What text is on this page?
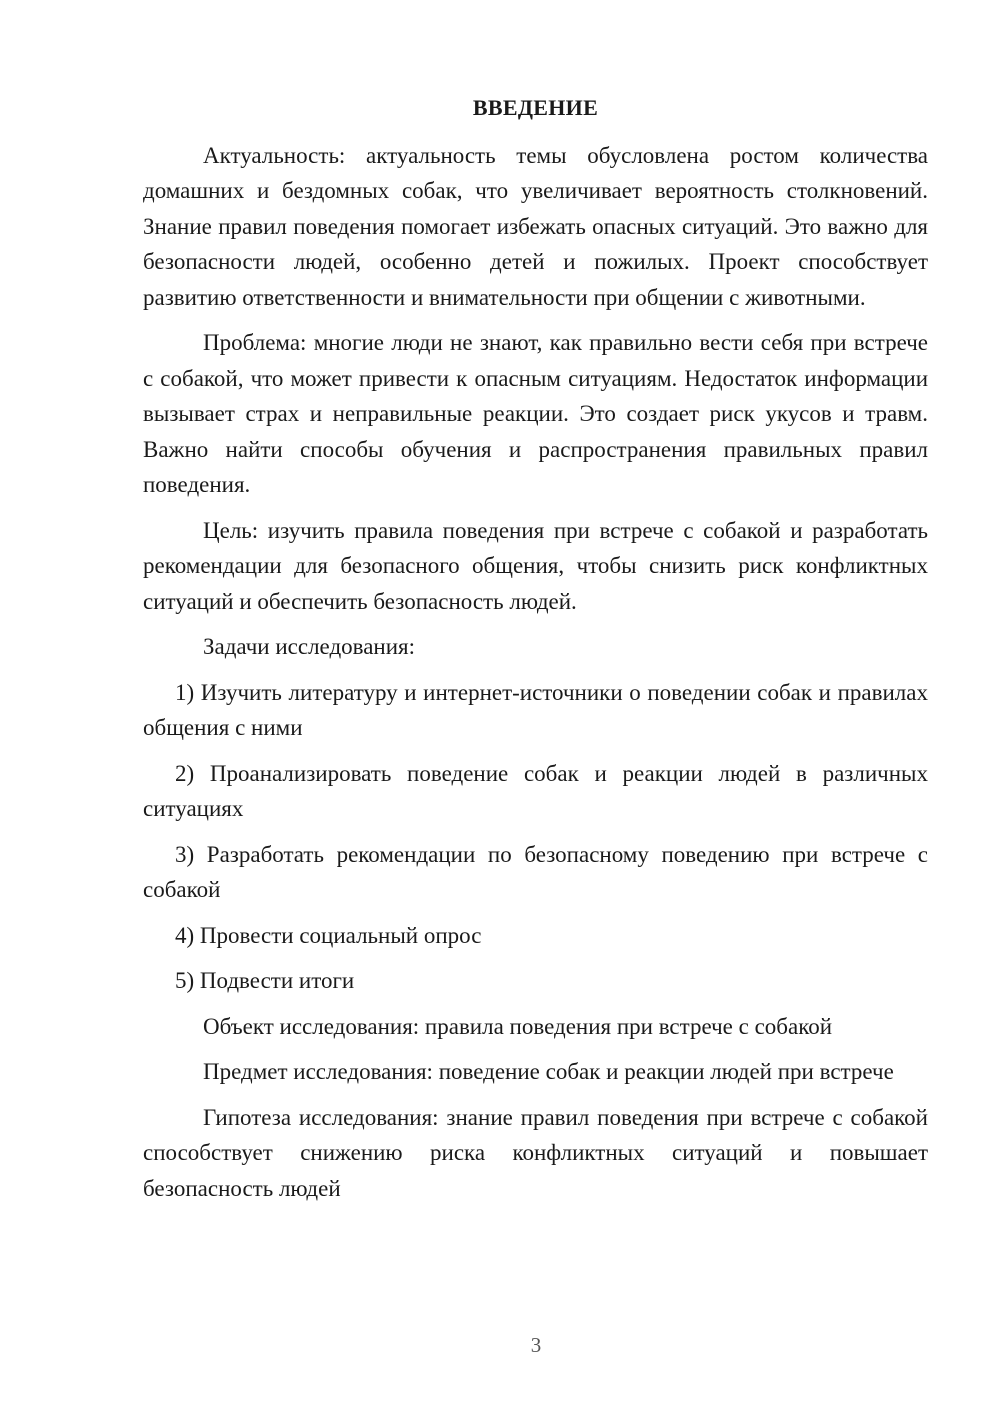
ВВЕДЕНИЕ

Актуальность: актуальность темы обусловлена ростом количества домашних и бездомных собак, что увеличивает вероятность столкновений. Знание правил поведения помогает избежать опасных ситуаций. Это важно для безопасности людей, особенно детей и пожилых. Проект способствует развитию ответственности и внимательности при общении с животными.

Проблема: многие люди не знают, как правильно вести себя при встрече с собакой, что может привести к опасным ситуациям. Недостаток информации вызывает страх и неправильные реакции. Это создает риск укусов и травм. Важно найти способы обучения и распространения правильных правил поведения.

Цель: изучить правила поведения при встрече с собакой и разработать рекомендации для безопасного общения, чтобы снизить риск конфликтных ситуаций и обеспечить безопасность людей.

Задачи исследования:

1) Изучить литературу и интернет-источники о поведении собак и правилах общения с ними

2) Проанализировать поведение собак и реакции людей в различных ситуациях

3) Разработать рекомендации по безопасному поведению при встрече с собакой

4) Провести социальный опрос

5) Подвести итоги

Объект исследования: правила поведения при встрече с собакой

Предмет исследования: поведение собак и реакции людей при встрече

Гипотеза исследования: знание правил поведения при встрече с собакой способствует снижению риска конфликтных ситуаций и повышает безопасность людей

3
